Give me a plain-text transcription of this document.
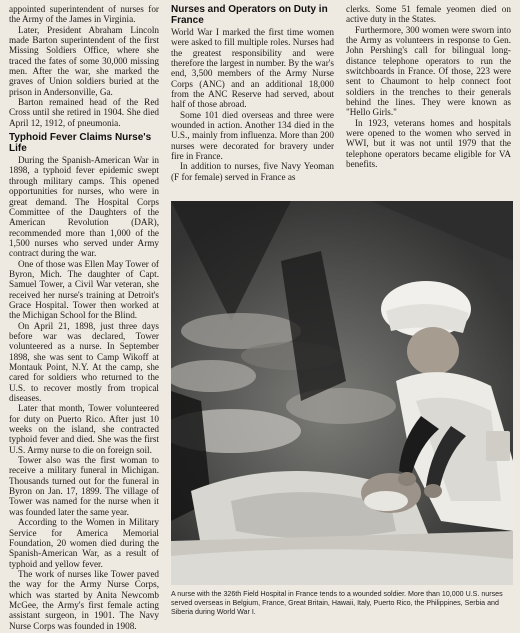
appointed superintendent of nurses for the Army of the James in Virginia.

Later, President Abraham Lincoln made Barton superintendent of the first Missing Soldiers Office, where she traced the fates of some 30,000 missing men. After the war, she marked the graves of Union soldiers buried at the prison in Andersonville, Ga.

Barton remained head of the Red Cross until she retired in 1904. She died April 12, 1912, of pneumonia.

Typhoid Fever Claims Nurse's Life

During the Spanish-American War in 1898, a typhoid fever epidemic swept through military camps. This opened opportunities for nurses, who were in great demand. The Hospital Corps Committee of the Daughters of the American Revolution (DAR), recommended more than 1,000 of the 1,500 nurses who served under Army contract during the war.

One of those was Ellen May Tower of Byron, Mich. The daughter of Capt. Samuel Tower, a Civil War veteran, she received her nurse's training at Detroit's Grace Hospital. Tower then worked at the Michigan School for the Blind.

On April 21, 1898, just three days before war was declared, Tower volunteered as a nurse. In September 1898, she was sent to Camp Wikoff at Montauk Point, N.Y. At the camp, she cared for soldiers who returned to the U.S. to recover mostly from tropical diseases.

Later that month, Tower volunteered for duty on Puerto Rico. After just 10 weeks on the island, she contracted typhoid fever and died. She was the first U.S. Army nurse to die on foreign soil.

Tower also was the first woman to receive a military funeral in Michigan. Thousands turned out for the funeral in Byron on Jan. 17, 1899. The village of Tower was named for the nurse when it was founded later the same year.

According to the Women in Military Service for America Memorial Foundation, 20 women died during the Spanish-American War, as a result of typhoid and yellow fever.

The work of nurses like Tower paved the way for the Army Nurse Corps, which was started by Anita Newcomb McGee, the Army's first female acting assistant surgeon, in 1901. The Navy Nurse Corps was founded in 1908.

Nurses and Operators on Duty in France

World War I marked the first time women were asked to fill multiple roles. Nurses had the greatest responsibility and were therefore the largest in number. By the war's end, 3,500 members of the Army Nurse Corps (ANC) and an additional 18,000 from the ANC Reserve had served, about half of those abroad.

Some 101 died overseas and three were wounded in action. Another 134 died in the U.S., mainly from influenza. More than 200 nurses were decorated for bravery under fire in France.

In addition to nurses, five Navy Yeoman (F for female) served in France as

clerks. Some 51 female yeomen died on active duty in the States.

Furthermore, 300 women were sworn into the Army as volunteers in response to Gen. John Pershing's call for bilingual long-distance telephone operators to run the switchboards in France. Of those, 223 were sent to Chaumont to help connect foot soldiers in the trenches to their generals behind the lines. They were known as "Hello Girls."

In 1923, veterans homes and hospitals were opened to the women who served in WWI, but it was not until 1979 that the telephone operators became eligible for VA benefits.

A nurse with the 326th Field Hospital in France tends to a wounded soldier. More than 10,000 U.S. nurses served overseas in Belgium, France, Great Britain, Hawaii, Italy, Puerto Rico, the Philippines, Serbia and Siberia during World War I.
